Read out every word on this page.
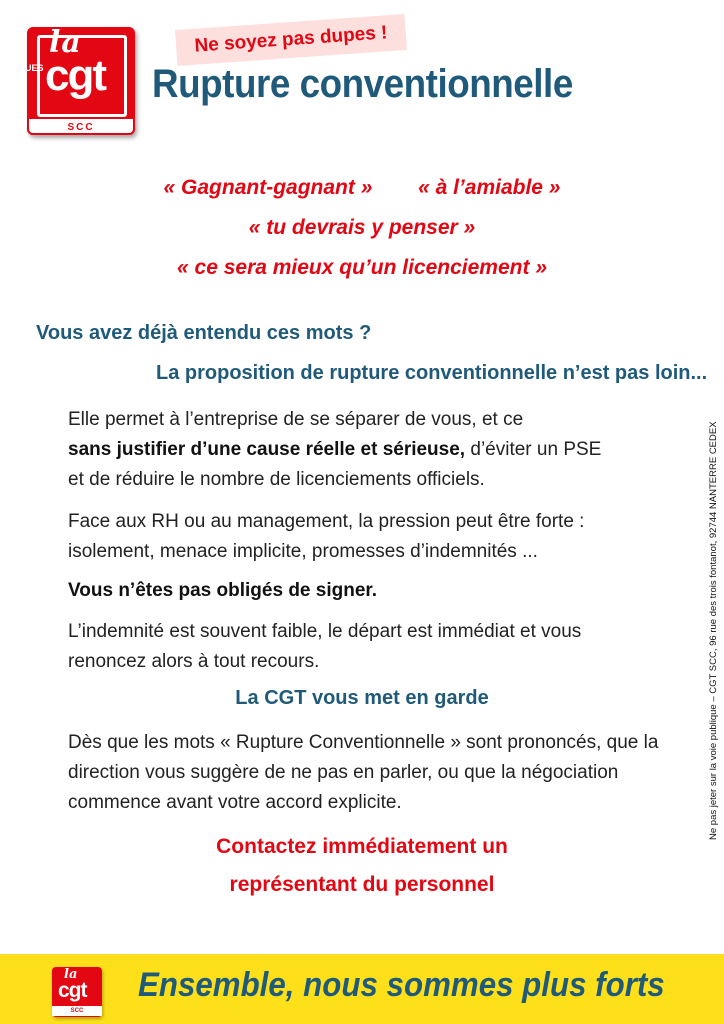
la
cgt
UES
SCC
Ne soyez pas dupes !
Rupture conventionnelle
« Gagnant-gagnant » « à l’amiable »
« tu devrais y penser »
« ce sera mieux qu’un licenciement »
Vous avez déjà entendu ces mots ?
La proposition de rupture conventionnelle n’est pas loin...
Elle permet à l’entreprise de se séparer de vous, et ce
sans justifier d’une cause réelle et sérieuse, d’éviter un PSE
et de réduire le nombre de licenciements officiels.
Face aux RH ou au management, la pression peut être forte : isolement, menace implicite, promesses d’indemnités ...
Vous n’êtes pas obligés de signer.
L’indemnité est souvent faible, le départ est immédiat et vous renoncez alors à tout recours.
La CGT vous met en garde
Dès que les mots « Rupture Conventionnelle » sont prononcés, que la direction vous suggère de ne pas en parler, ou que la négociation commence avant votre accord explicite.
Contactez immédiatement un
représentant du personnel
Ne pas jeter sur la voie publique – CGT SCC, 96 rue des trois fontanot, 92744 NANTERRE CEDEX
la
cgt
SCC
Ensemble, nous sommes plus forts
